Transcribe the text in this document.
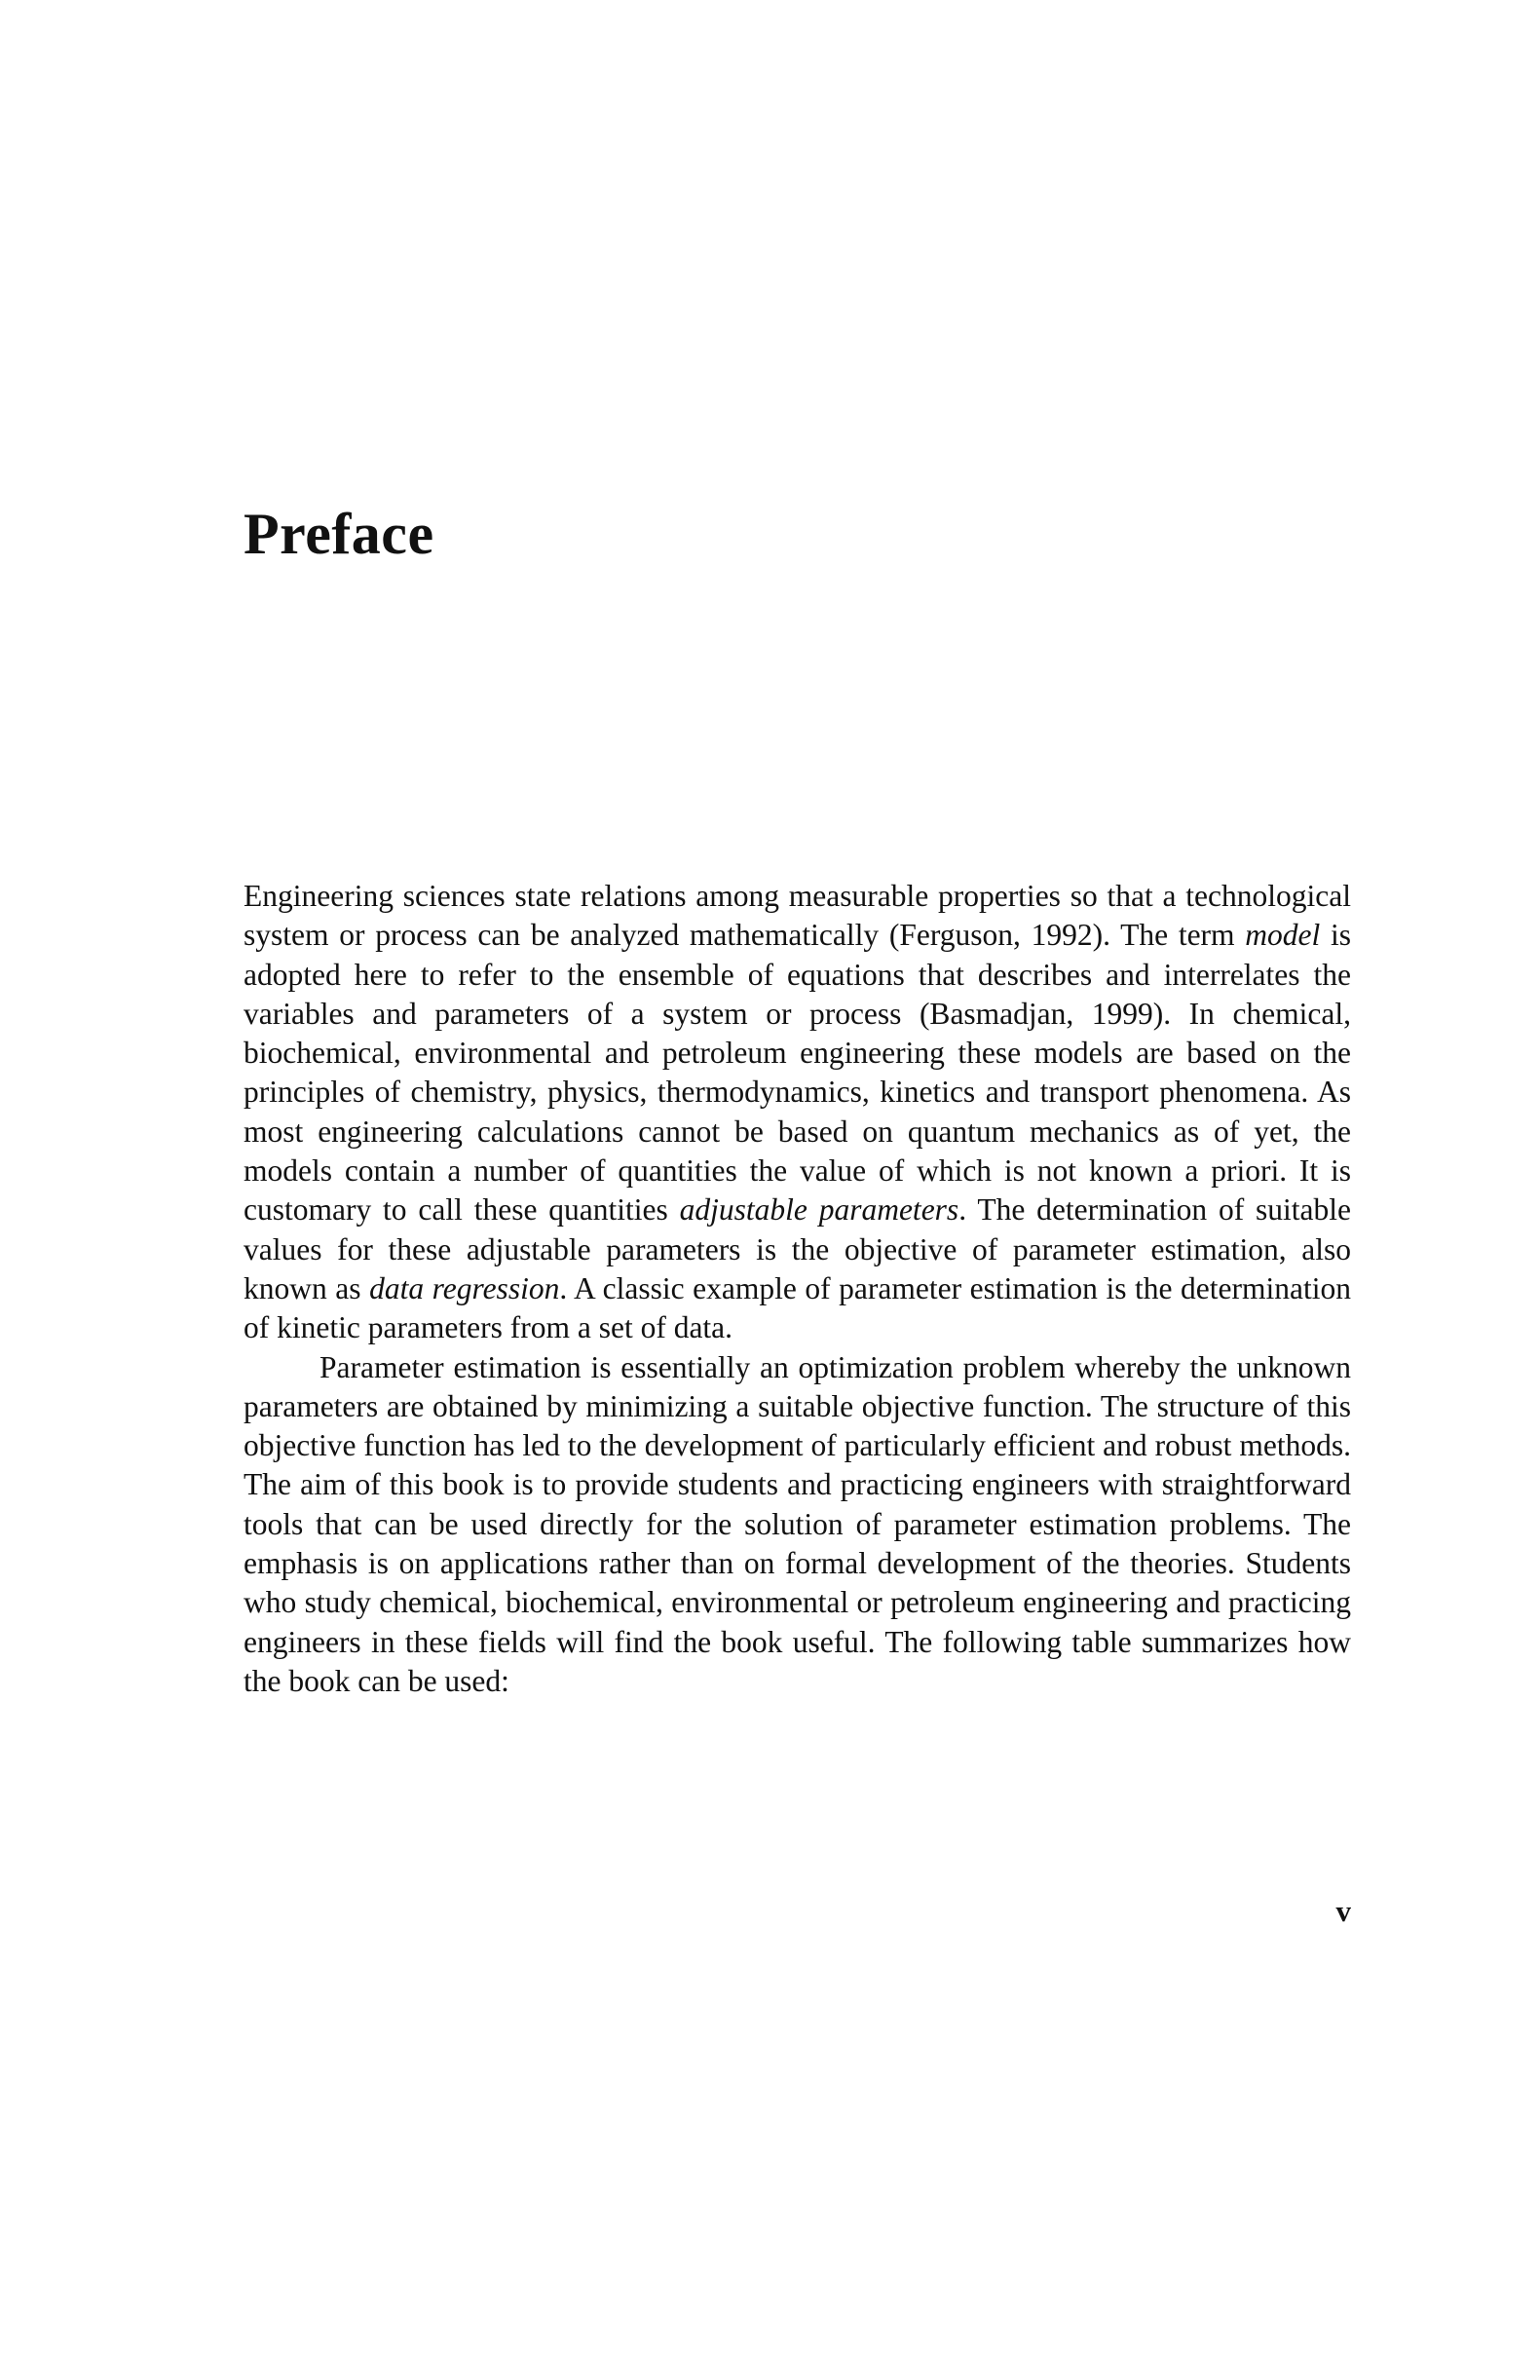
Preface

Engineering sciences state relations among measurable properties so that a technological system or process can be analyzed mathematically (Ferguson, 1992). The term model is adopted here to refer to the ensemble of equations that describes and interrelates the variables and parameters of a system or process (Basmadjan, 1999). In chemical, biochemical, environmental and petroleum engineering these models are based on the principles of chemistry, physics, thermodynamics, kinetics and transport phenomena. As most engineering calculations cannot be based on quantum mechanics as of yet, the models contain a number of quantities the value of which is not known a priori. It is customary to call these quantities adjustable parameters. The determination of suitable values for these adjustable parameters is the objective of parameter estimation, also known as data regression. A classic example of parameter estimation is the determination of kinetic parameters from a set of data.

Parameter estimation is essentially an optimization problem whereby the unknown parameters are obtained by minimizing a suitable objective function. The structure of this objective function has led to the development of particularly efficient and robust methods. The aim of this book is to provide students and practicing engineers with straightforward tools that can be used directly for the solution of parameter estimation problems. The emphasis is on applications rather than on formal development of the theories. Students who study chemical, biochemical, environmental or petroleum engineering and practicing engineers in these fields will find the book useful. The following table summarizes how the book can be used:

v
